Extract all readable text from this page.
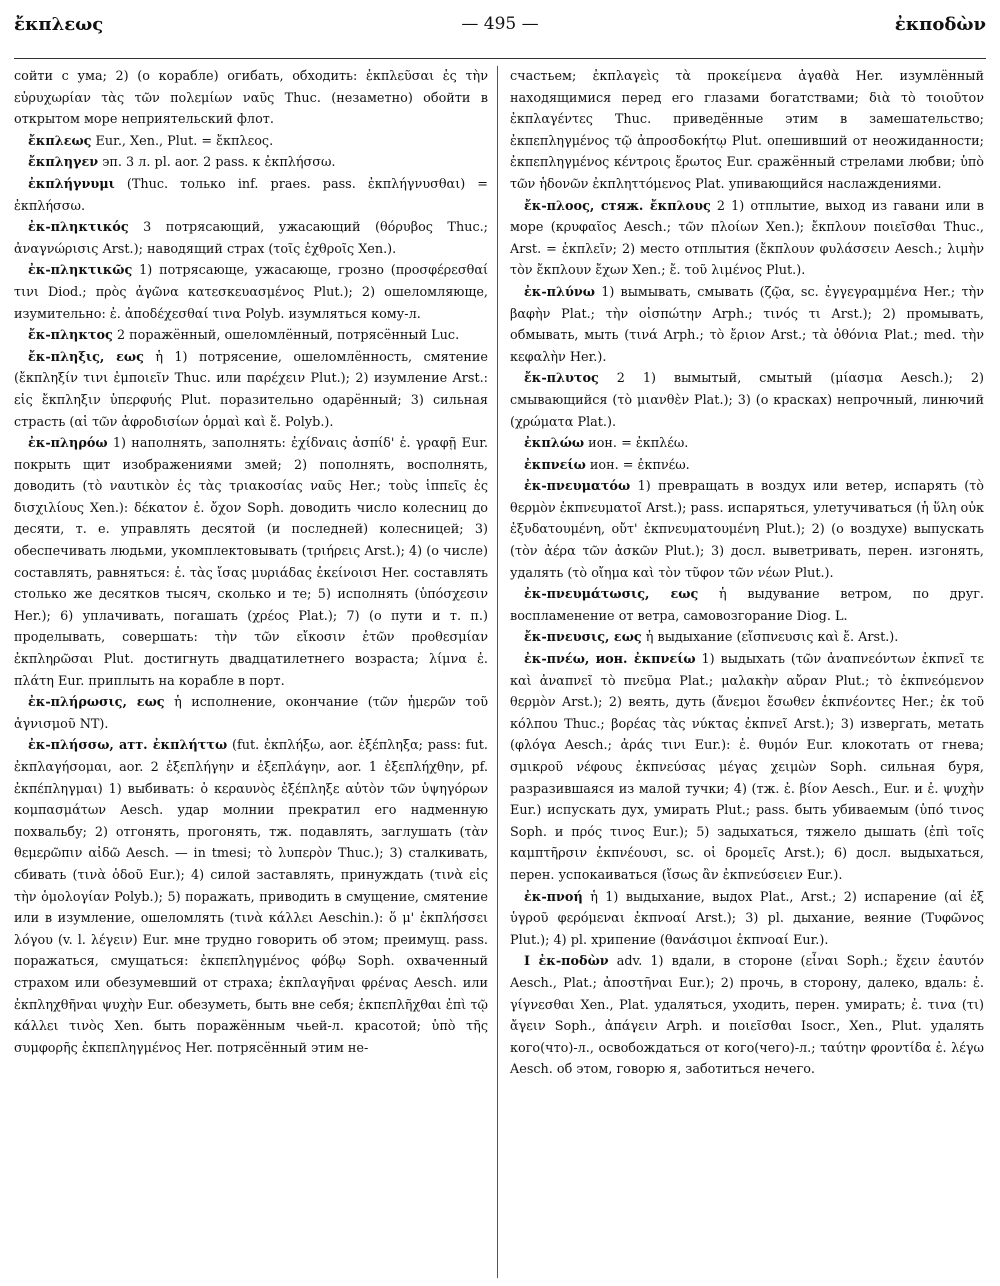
ἔκπλεως	— 495 —	ἐκποδὼν

сойти с ума; 2) (о корабле) огибать, обходить: ἐκπλεῦσαι ἐς τὴν εὐρυχωρίαν τὰς τῶν πολεμίων ναῦς Thuc. (незаметно) обойти в открытом море неприятельский флот.

ἔκπλεως Eur., Xen., Plut. = ἔκπλεος.

ἔκπληγεν эп. 3 л. pl. aor. 2 pass. к ἐκπλήσσω.

ἐκπλήγνυμι (Thuc. только inf. praes. pass. ἐκπλήγνυσθαι) = ἐκπλήσσω.

ἐκ-πληκτικός 3 потрясающий, ужасающий (θόρυβος Thuc.; ἀναγνώρισις Arst.); наводящий страх (τοῖς ἐχθροῖς Xen.).

ἐκ-πληκτικῶς 1) потрясающе, ужасающе, грозно (προσφέρεσθαί τινι Diod.; πρὸς ἀγῶνα κατεσκευασμένος Plut.); 2) ошеломляюще, изумительно: ἐ. ἀποδέχεσθαί τινα Polyb. изумляться кому-л.

ἔκ-πληκτος 2 поражённый, ошеломлённый, потрясённый Luc.

ἔκ-πληξις, εως ἡ 1) потрясение, ошеломлённость, смятение (ἔκπληξίν τινι ἐμποιεῖν Thuc. или παρέχειν Plut.); 2) изумление Arst.: εἰς ἔκπληξιν ὑπερφυής Plut. поразительно одарённый; 3) сильная страсть (αἱ τῶν ἀφροδισίων ὁρμαὶ καὶ ἔ. Polyb.).

ἐκ-πληρόω 1) наполнять, заполнять: ἐχίδναις ἀσπίδ' ἐ. γραφῇ Eur. покрыть щит изображениями змей; 2) пополнять, восполнять, доводить (τὸ ναυτικὸν ἐς τὰς τριακοσίας ναῦς Her.; τοὺς ἱππεῖς ἐς δισχιλίους Xen.): δέκατον ἐ. ὄχον Soph. доводить число колесниц до десяти, т. е. управлять десятой (и последней) колесницей; 3) обеспечивать людьми, укомплектовывать (τριήρεις Arst.); 4) (о числе) составлять, равняться: ἐ. τὰς ἴσας μυριάδας ἐκείνοισι Her. составлять столько же десятков тысяч, сколько и те; 5) исполнять (ὑπόσχεσιν Her.); 6) уплачивать, погашать (χρέος Plat.); 7) (о пути и т. п.) проделывать, совершать: τὴν τῶν εἴκοσιν ἐτῶν προθεσμίαν ἐκπληρῶσαι Plut. достигнуть двадцатилетнего возраста; λίμνα ἐ. πλάτη Eur. приплыть на корабле в порт.

ἐκ-πλήρωσις, εως ἡ исполнение, окончание (τῶν ἡμερῶν τοῦ ἁγνισμοῦ NT).

ἐκ-πλήσσω, атт. ἐκπλήττω (fut. ἐκπλήξω, aor. ἐξέπληξα; pass: fut. ἐκπλαγήσομαι, aor. 2 ἐξεπλήγην и ἐξεπλάγην, aor. 1 ἐξεπλήχθην, pf. ἐκπέπληγμαι) 1) выбивать: ὁ κεραυνὸς ἐξέπληξε αὐτὸν τῶν ὑψηγόρων κομπασμάτων Aesch. удар молнии прекратил его надменную похвальбу; 2) отгонять, прогонять, тж. подавлять, заглушать (τὰν θεμερῶπιν αἰδῶ Aesch. — in tmesi; τὸ λυπερὸν Thuc.); 3) сталкивать, сбивать (τινὰ ὁδοῦ Eur.); 4) силой заставлять, принуждать (τινὰ εἰς τὴν ὁμολογίαν Polyb.); 5) поражать, приводить в смущение, смятение или в изумление, ошеломлять (τινὰ κάλλει Aeschin.): ὅ μ' ἐκπλήσσει λόγου (v. l. λέγειν) Eur. мне трудно говорить об этом; преимущ. pass. поражаться, смущаться: ἐκπεπληγμένος φόβῳ Soph. охваченный страхом или обезумевший от страха; ἐκπλαγῆναι φρένας Aesch. или ἐκπληχθῆναι ψυχὴν Eur. обезуметь, быть вне себя; ἐκπεπλῆχθαι ἐπὶ τῷ κάλλει τινὸς Xen. быть поражённым чьей-л. красотой; ὑπὸ τῆς συμφορῆς ἐκπεπληγμένος Her. потрясённый этим не-

счастьем; ἐκπλαγεὶς τὰ προκείμενα ἀγαθὰ Her. изумлённый находящимися перед его глазами богатствами; διὰ τὸ τοιοῦτον ἐκπλαγέντες Thuc. приведённые этим в замешательство; ἐκπεπληγμένος τῷ ἀπροσδοκήτῳ Plut. опешивший от неожиданности; ἐκπεπληγμένος κέντροις ἔρωτος Eur. сражённый стрелами любви; ὑπὸ τῶν ἡδονῶν ἐκπληττόμενος Plat. упивающийся наслаждениями.

ἔκ-πλοος, стяж. ἔκπλους 2 1) отплытие, выход из гавани или в море (κρυφαῖος Aesch.; τῶν πλοίων Xen.); ἔκπλουν ποιεῖσθαι Thuc., Arst. = ἐκπλεῖν; 2) место отплытия (ἔκπλουν φυλάσσειν Aesch.; λιμὴν τὸν ἔκπλουν ἔχων Xen.; ἔ. τοῦ λιμένος Plut.).

ἐκ-πλύνω 1) вымывать, смывать (ζῷα, sc. ἐγγεγραμμένα Her.; τὴν βαφὴν Plat.; τὴν οἰσπώτην Arph.; τινός τι Arst.); 2) промывать, обмывать, мыть (τινά Arph.; τὸ ἔριον Arst.; τὰ ὀθόνια Plat.; med. τὴν κεφαλὴν Her.).

ἔκ-πλυτος 2 1) вымытый, смытый (μίασμα Aesch.); 2) смывающийся (τὸ μιανθὲν Plat.); 3) (о красках) непрочный, линючий (χρώματα Plat.).

ἐκπλώω ион. = ἐκπλέω.

ἐκπνείω ион. = ἐκπνέω.

ἐκ-πνευματόω 1) превращать в воздух или ветер, испарять (τὸ θερμὸν ἐκπνευματοῖ Arst.); pass. испаряться, улетучиваться (ἡ ὕλη οὐκ ἐξυδατουμένη, οὔτ' ἐκπνευματουμένη Plut.); 2) (о воздухе) выпускать (τὸν ἀέρα τῶν ἀσκῶν Plut.); 3) досл. выветривать, перен. изгонять, удалять (τὸ οἴημα καὶ τὸν τῦφον τῶν νέων Plut.).

ἐκ-πνευμάτωσις, εως ἡ выдувание ветром, по друг. воспламенение от ветра, самовозгорание Diog. L.

ἔκ-πνευσις, εως ἡ выдыхание (εἴσπνευσις καὶ ἔ. Arst.).

ἐκ-πνέω, ион. ἐκπνείω 1) выдыхать (τῶν ἀναπνεόντων ἐκπνεῖ τε καὶ ἀναπνεῖ τὸ πνεῦμα Plat.; μαλακὴν αὔραν Plut.; τὸ ἐκπνεόμενον θερμὸν Arst.); 2) веять, дуть (ἄνεμοι ἔσωθεν ἐκπνέοντες Her.; ἐκ τοῦ κόλπου Thuc.; βορέας τὰς νύκτας ἐκπνεῖ Arst.); 3) извергать, метать (φλόγα Aesch.; ἀράς τινι Eur.): ἐ. θυμόν Eur. клокотать от гнева; σμικροῦ νέφους ἐκπνεύσας μέγας χειμὼν Soph. сильная буря, разразившаяся из малой тучки; 4) (тж. ἐ. βίον Aesch., Eur. и ἐ. ψυχὴν Eur.) испускать дух, умирать Plut.; pass. быть убиваемым (ὑπό τινος Soph. и πρός τινος Eur.); 5) задыхаться, тяжело дышать (ἐπὶ τοῖς καμπτῆρσιν ἐκπνέουσι, sc. οἱ δρομεῖς Arst.); 6) досл. выдыхаться, перен. успокаиваться (ἴσως ἂν ἐκπνεύσειεν Eur.).

ἐκ-πνοή ἡ 1) выдыхание, выдох Plat., Arst.; 2) испарение (αἱ ἐξ ὑγροῦ φερόμεναι ἐκπνοαί Arst.); 3) pl. дыхание, веяние (Τυφῶνος Plut.); 4) pl. хрипение (θανάσιμοι ἐκπνοαί Eur.).

I ἐκ-ποδὼν adv. 1) вдали, в стороне (εἶναι Soph.; ἔχειν ἑαυτόν Aesch., Plat.; ἀποστῆναι Eur.); 2) прочь, в сторону, далеко, вдаль: ἐ. γίγνεσθαι Xen., Plat. удаляться, уходить, перен. умирать; ἐ. τινα (τι) ἄγειν Soph., ἀπάγειν Arph. и ποιεῖσθαι Isocr., Xen., Plut. удалять кого(что)-л., освобождаться от кого(чего)-л.; ταύτην φροντίδα ἐ. λέγω Aesch. об этом, говорю я, заботиться нечего.
